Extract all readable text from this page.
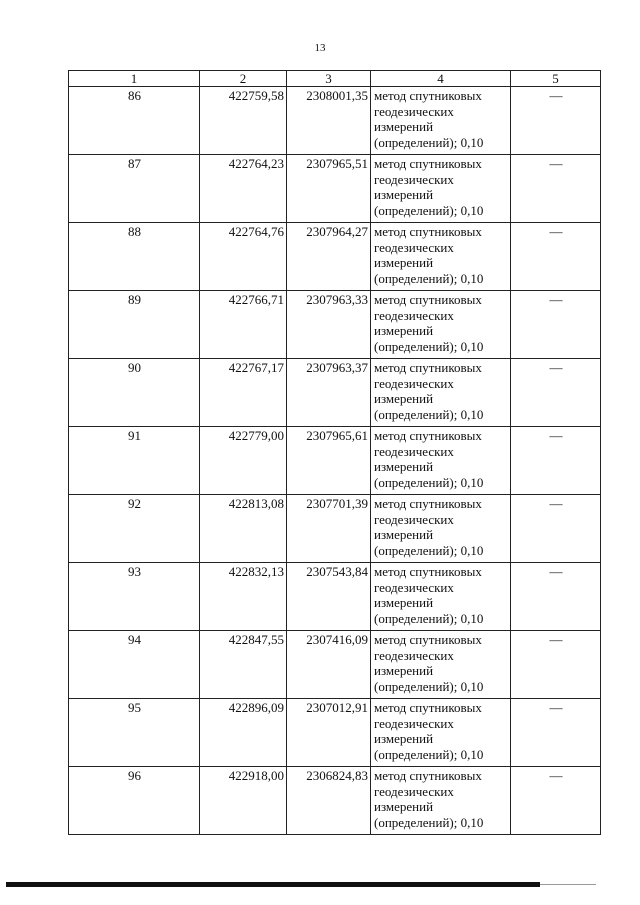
13
1	2	3	4	5
86	422759,58	2308001,35	метод спутниковых
геодезических
измерений
(определений); 0,10	—
87	422764,23	2307965,51	метод спутниковых
геодезических
измерений
(определений); 0,10	—
88	422764,76	2307964,27	метод спутниковых
геодезических
измерений
(определений); 0,10	—
89	422766,71	2307963,33	метод спутниковых
геодезических
измерений
(определений); 0,10	—
90	422767,17	2307963,37	метод спутниковых
геодезических
измерений
(определений); 0,10	—
91	422779,00	2307965,61	метод спутниковых
геодезических
измерений
(определений); 0,10	—
92	422813,08	2307701,39	метод спутниковых
геодезических
измерений
(определений); 0,10	—
93	422832,13	2307543,84	метод спутниковых
геодезических
измерений
(определений); 0,10	—
94	422847,55	2307416,09	метод спутниковых
геодезических
измерений
(определений); 0,10	—
95	422896,09	2307012,91	метод спутниковых
геодезических
измерений
(определений); 0,10	—
96	422918,00	2306824,83	метод спутниковых
геодезических
измерений
(определений); 0,10	—
